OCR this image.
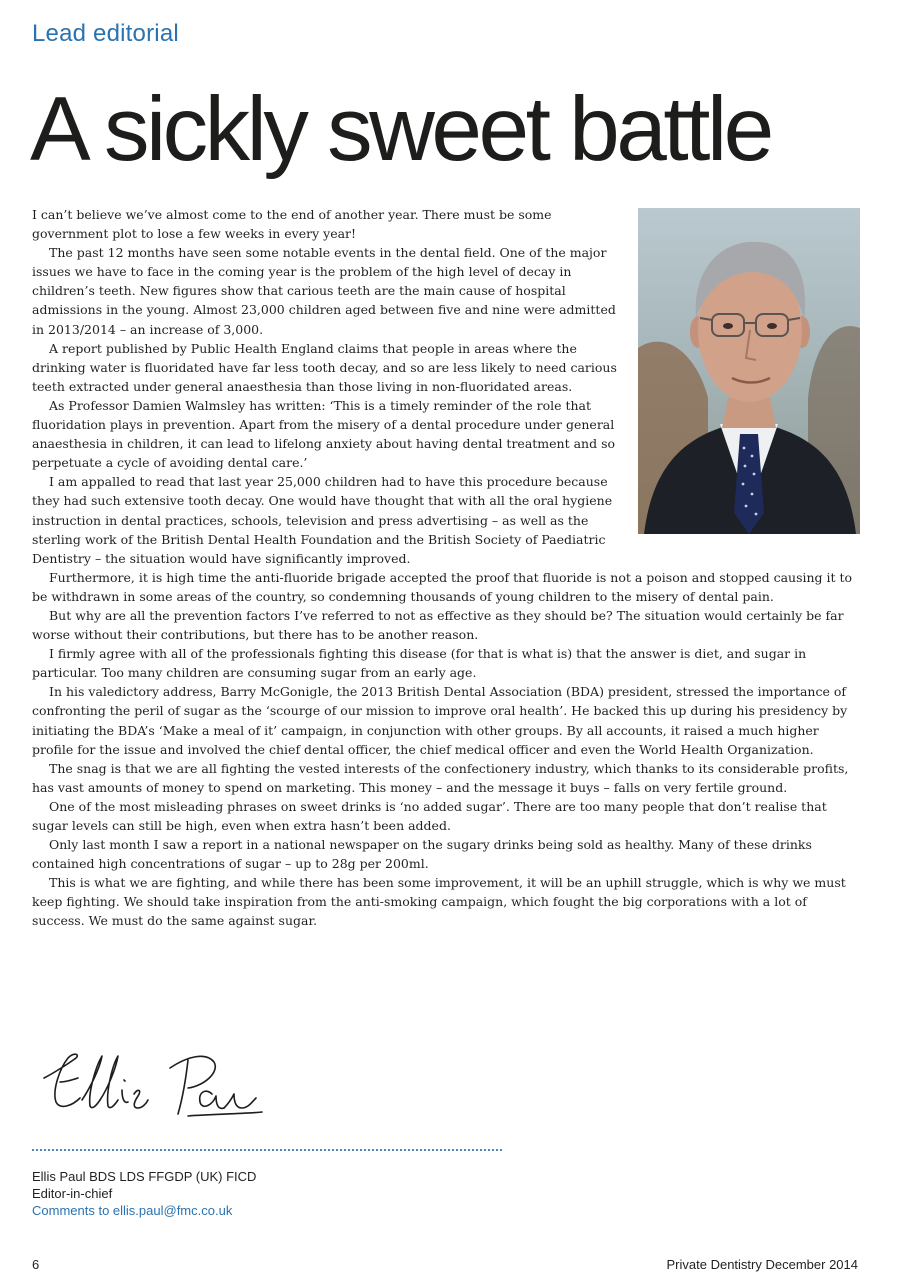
Lead editorial
A sickly sweet battle

I can’t believe we’ve almost come to the end of another year. There must be some government plot to lose a few weeks in every year!

The past 12 months have seen some notable events in the dental field. One of the major issues we have to face in the coming year is the problem of the high level of decay in children’s teeth. New figures show that carious teeth are the main cause of hospital admissions in the young. Almost 23,000 children aged between five and nine were admitted in 2013/2014 – an increase of 3,000.

A report published by Public Health England claims that people in areas where the drinking water is fluoridated have far less tooth decay, and so are less likely to need carious teeth extracted under general anaesthesia than those living in non-fluoridated areas.

As Professor Damien Walmsley has written: ‘This is a timely reminder of the role that fluoridation plays in prevention. Apart from the misery of a dental procedure under general anaesthesia in children, it can lead to lifelong anxiety about having dental treatment and so perpetuate a cycle of avoiding dental care.’

I am appalled to read that last year 25,000 children had to have this procedure because they had such extensive tooth decay. One would have thought that with all the oral hygiene instruction in dental practices, schools, television and press advertising – as well as the sterling work of the British Dental Health Foundation and the British Society of Paediatric Dentistry – the situation would have significantly improved.

Furthermore, it is high time the anti-fluoride brigade accepted the proof that fluoride is not a poison and stopped causing it to be withdrawn in some areas of the country, so condemning thousands of young children to the misery of dental pain.

But why are all the prevention factors I’ve referred to not as effective as they should be? The situation would certainly be far worse without their contributions, but there has to be another reason.

I firmly agree with all of the professionals fighting this disease (for that is what is) that the answer is diet, and sugar in particular. Too many children are consuming sugar from an early age.

In his valedictory address, Barry McGonigle, the 2013 British Dental Association (BDA) president, stressed the importance of confronting the peril of sugar as the ‘scourge of our mission to improve oral health’. He backed this up during his presidency by initiating the BDA’s ‘Make a meal of it’ campaign, in conjunction with other groups. By all accounts, it raised a much higher profile for the issue and involved the chief dental officer, the chief medical officer and even the World Health Organization.

The snag is that we are all fighting the vested interests of the confectionery industry, which thanks to its considerable profits, has vast amounts of money to spend on marketing. This money – and the message it buys – falls on very fertile ground.

One of the most misleading phrases on sweet drinks is ‘no added sugar’. There are too many people that don’t realise that sugar levels can still be high, even when extra hasn’t been added.

Only last month I saw a report in a national newspaper on the sugary drinks being sold as healthy. Many of these drinks contained high concentrations of sugar – up to 28g per 200ml.

This is what we are fighting, and while there has been some improvement, it will be an uphill struggle, which is why we must keep fighting. We should take inspiration from the anti-smoking campaign, which fought the big corporations with a lot of success. We must do the same against sugar.

Ellis Paul BDS LDS FFGDP (UK) FICD
Editor-in-chief
Comments to ellis.paul@fmc.co.uk
6	Private Dentistry December 2014
